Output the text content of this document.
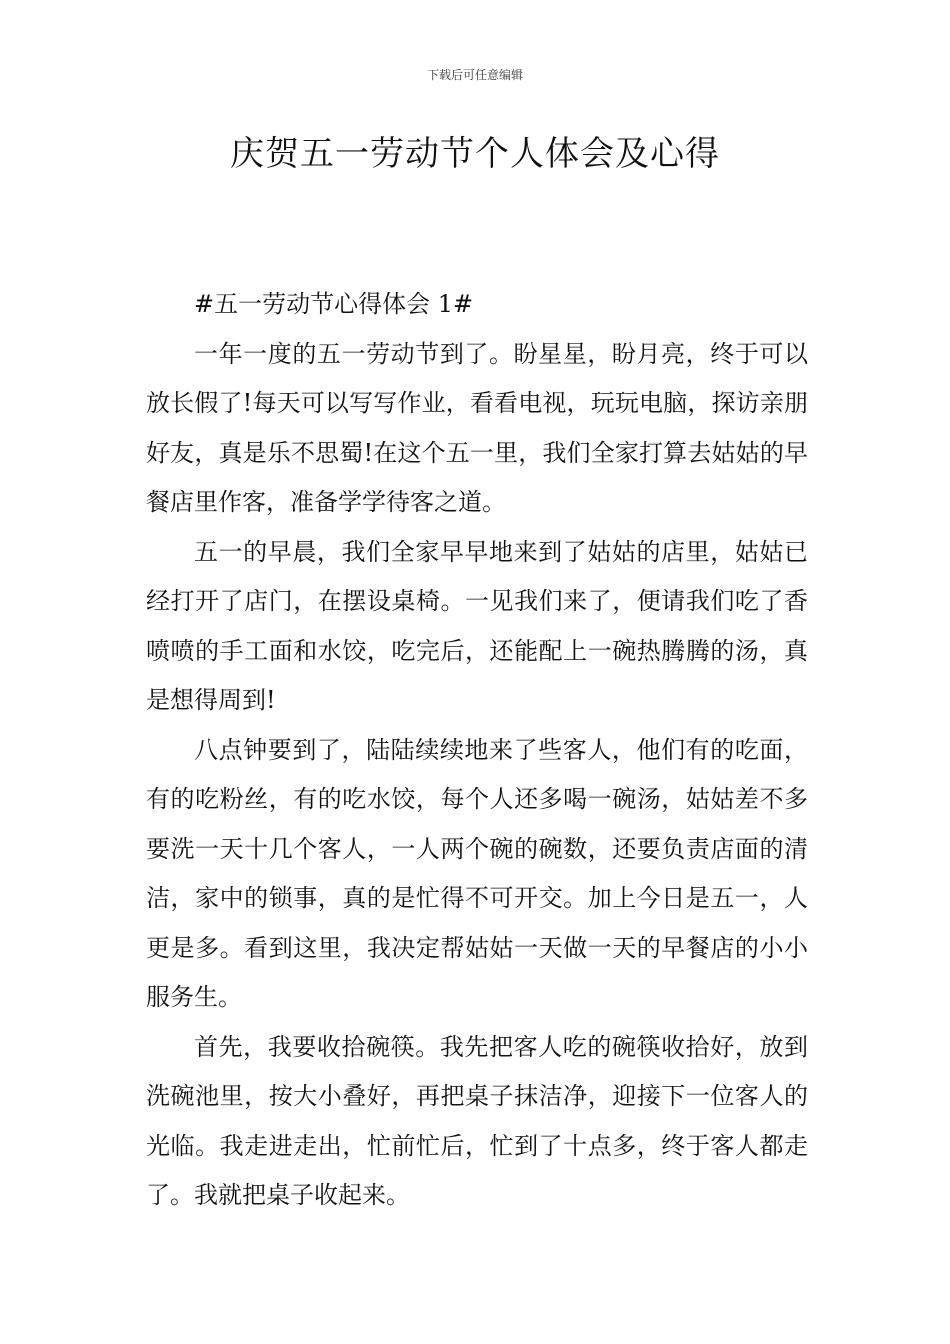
下载后可任意编辑
庆贺五一劳动节个人体会及心得

#五一劳动节心得体会 1#

一年一度的五一劳动节到了。盼星星，盼月亮，终于可以放长假了!每天可以写写作业，看看电视，玩玩电脑，探访亲朋好友，真是乐不思蜀!在这个五一里，我们全家打算去姑姑的早餐店里作客，准备学学待客之道。

五一的早晨，我们全家早早地来到了姑姑的店里，姑姑已经打开了店门，在摆设桌椅。一见我们来了，便请我们吃了香喷喷的手工面和水饺，吃完后，还能配上一碗热腾腾的汤，真是想得周到!

八点钟要到了，陆陆续续地来了些客人，他们有的吃面，有的吃粉丝，有的吃水饺，每个人还多喝一碗汤，姑姑差不多要洗一天十几个客人，一人两个碗的碗数，还要负责店面的清洁，家中的锁事，真的是忙得不可开交。加上今日是五一，人更是多。看到这里，我决定帮姑姑一天做一天的早餐店的小小服务生。

首先，我要收拾碗筷。我先把客人吃的碗筷收拾好，放到洗碗池里，按大小叠好，再把桌子抹洁净，迎接下一位客人的光临。我走进走出，忙前忙后，忙到了十点多，终于客人都走了。我就把桌子收起来。
